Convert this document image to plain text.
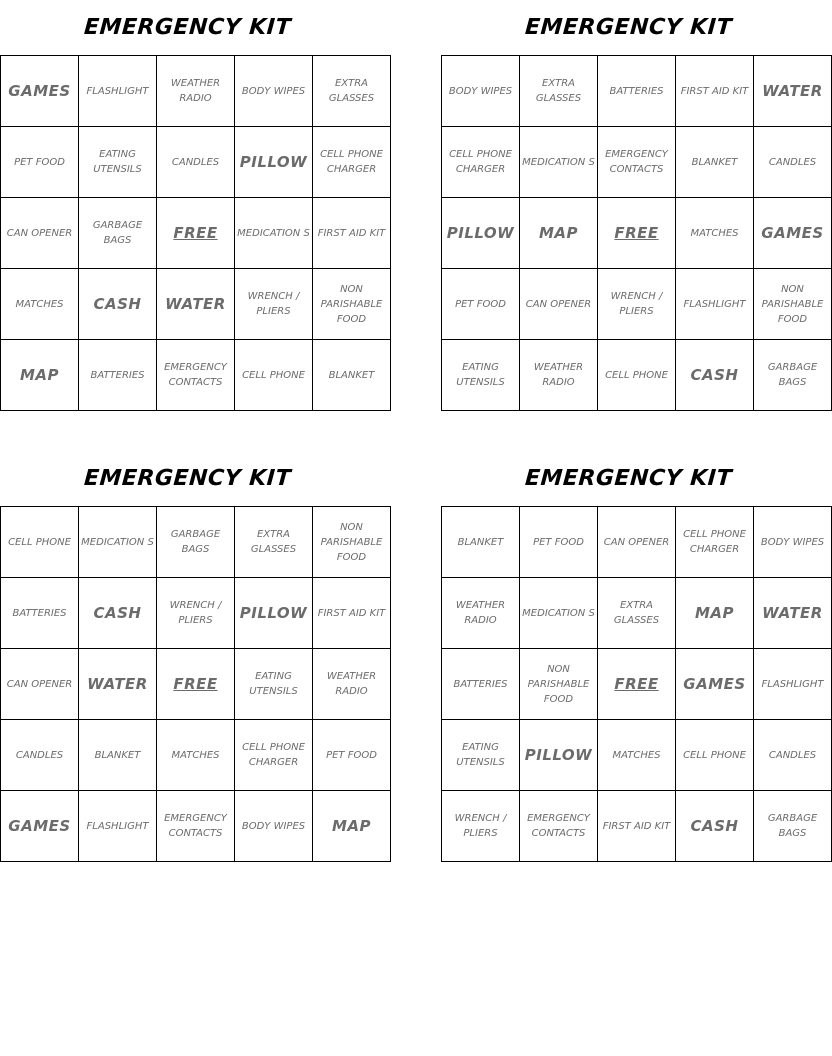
EMERGENCY KIT
GAMES	FLASHLIGHT	WEATHER RADIO	BODY WIPES	EXTRA GLASSES
PET FOOD	EATING UTENSILS	CANDLES	PILLOW	CELL PHONE CHARGER
CAN OPENER	GARBAGE BAGS	FREE	MEDICATION S	FIRST AID KIT
MATCHES	CASH	WATER	WRENCH / PLIERS	NON PARISHABLE FOOD
MAP	BATTERIES	EMERGENCY CONTACTS	CELL PHONE	BLANKET
EMERGENCY KIT
BODY WIPES	EXTRA GLASSES	BATTERIES	FIRST AID KIT	WATER
CELL PHONE CHARGER	MEDICATION S	EMERGENCY CONTACTS	BLANKET	CANDLES
PILLOW	MAP	FREE	MATCHES	GAMES
PET FOOD	CAN OPENER	WRENCH / PLIERS	FLASHLIGHT	NON PARISHABLE FOOD
EATING UTENSILS	WEATHER RADIO	CELL PHONE	CASH	GARBAGE BAGS
EMERGENCY KIT
CELL PHONE	MEDICATION S	GARBAGE BAGS	EXTRA GLASSES	NON PARISHABLE FOOD
BATTERIES	CASH	WRENCH / PLIERS	PILLOW	FIRST AID KIT
CAN OPENER	WATER	FREE	EATING UTENSILS	WEATHER RADIO
CANDLES	BLANKET	MATCHES	CELL PHONE CHARGER	PET FOOD
GAMES	FLASHLIGHT	EMERGENCY CONTACTS	BODY WIPES	MAP
EMERGENCY KIT
BLANKET	PET FOOD	CAN OPENER	CELL PHONE CHARGER	BODY WIPES
WEATHER RADIO	MEDICATION S	EXTRA GLASSES	MAP	WATER
BATTERIES	NON PARISHABLE FOOD	FREE	GAMES	FLASHLIGHT
EATING UTENSILS	PILLOW	MATCHES	CELL PHONE	CANDLES
WRENCH / PLIERS	EMERGENCY CONTACTS	FIRST AID KIT	CASH	GARBAGE BAGS
